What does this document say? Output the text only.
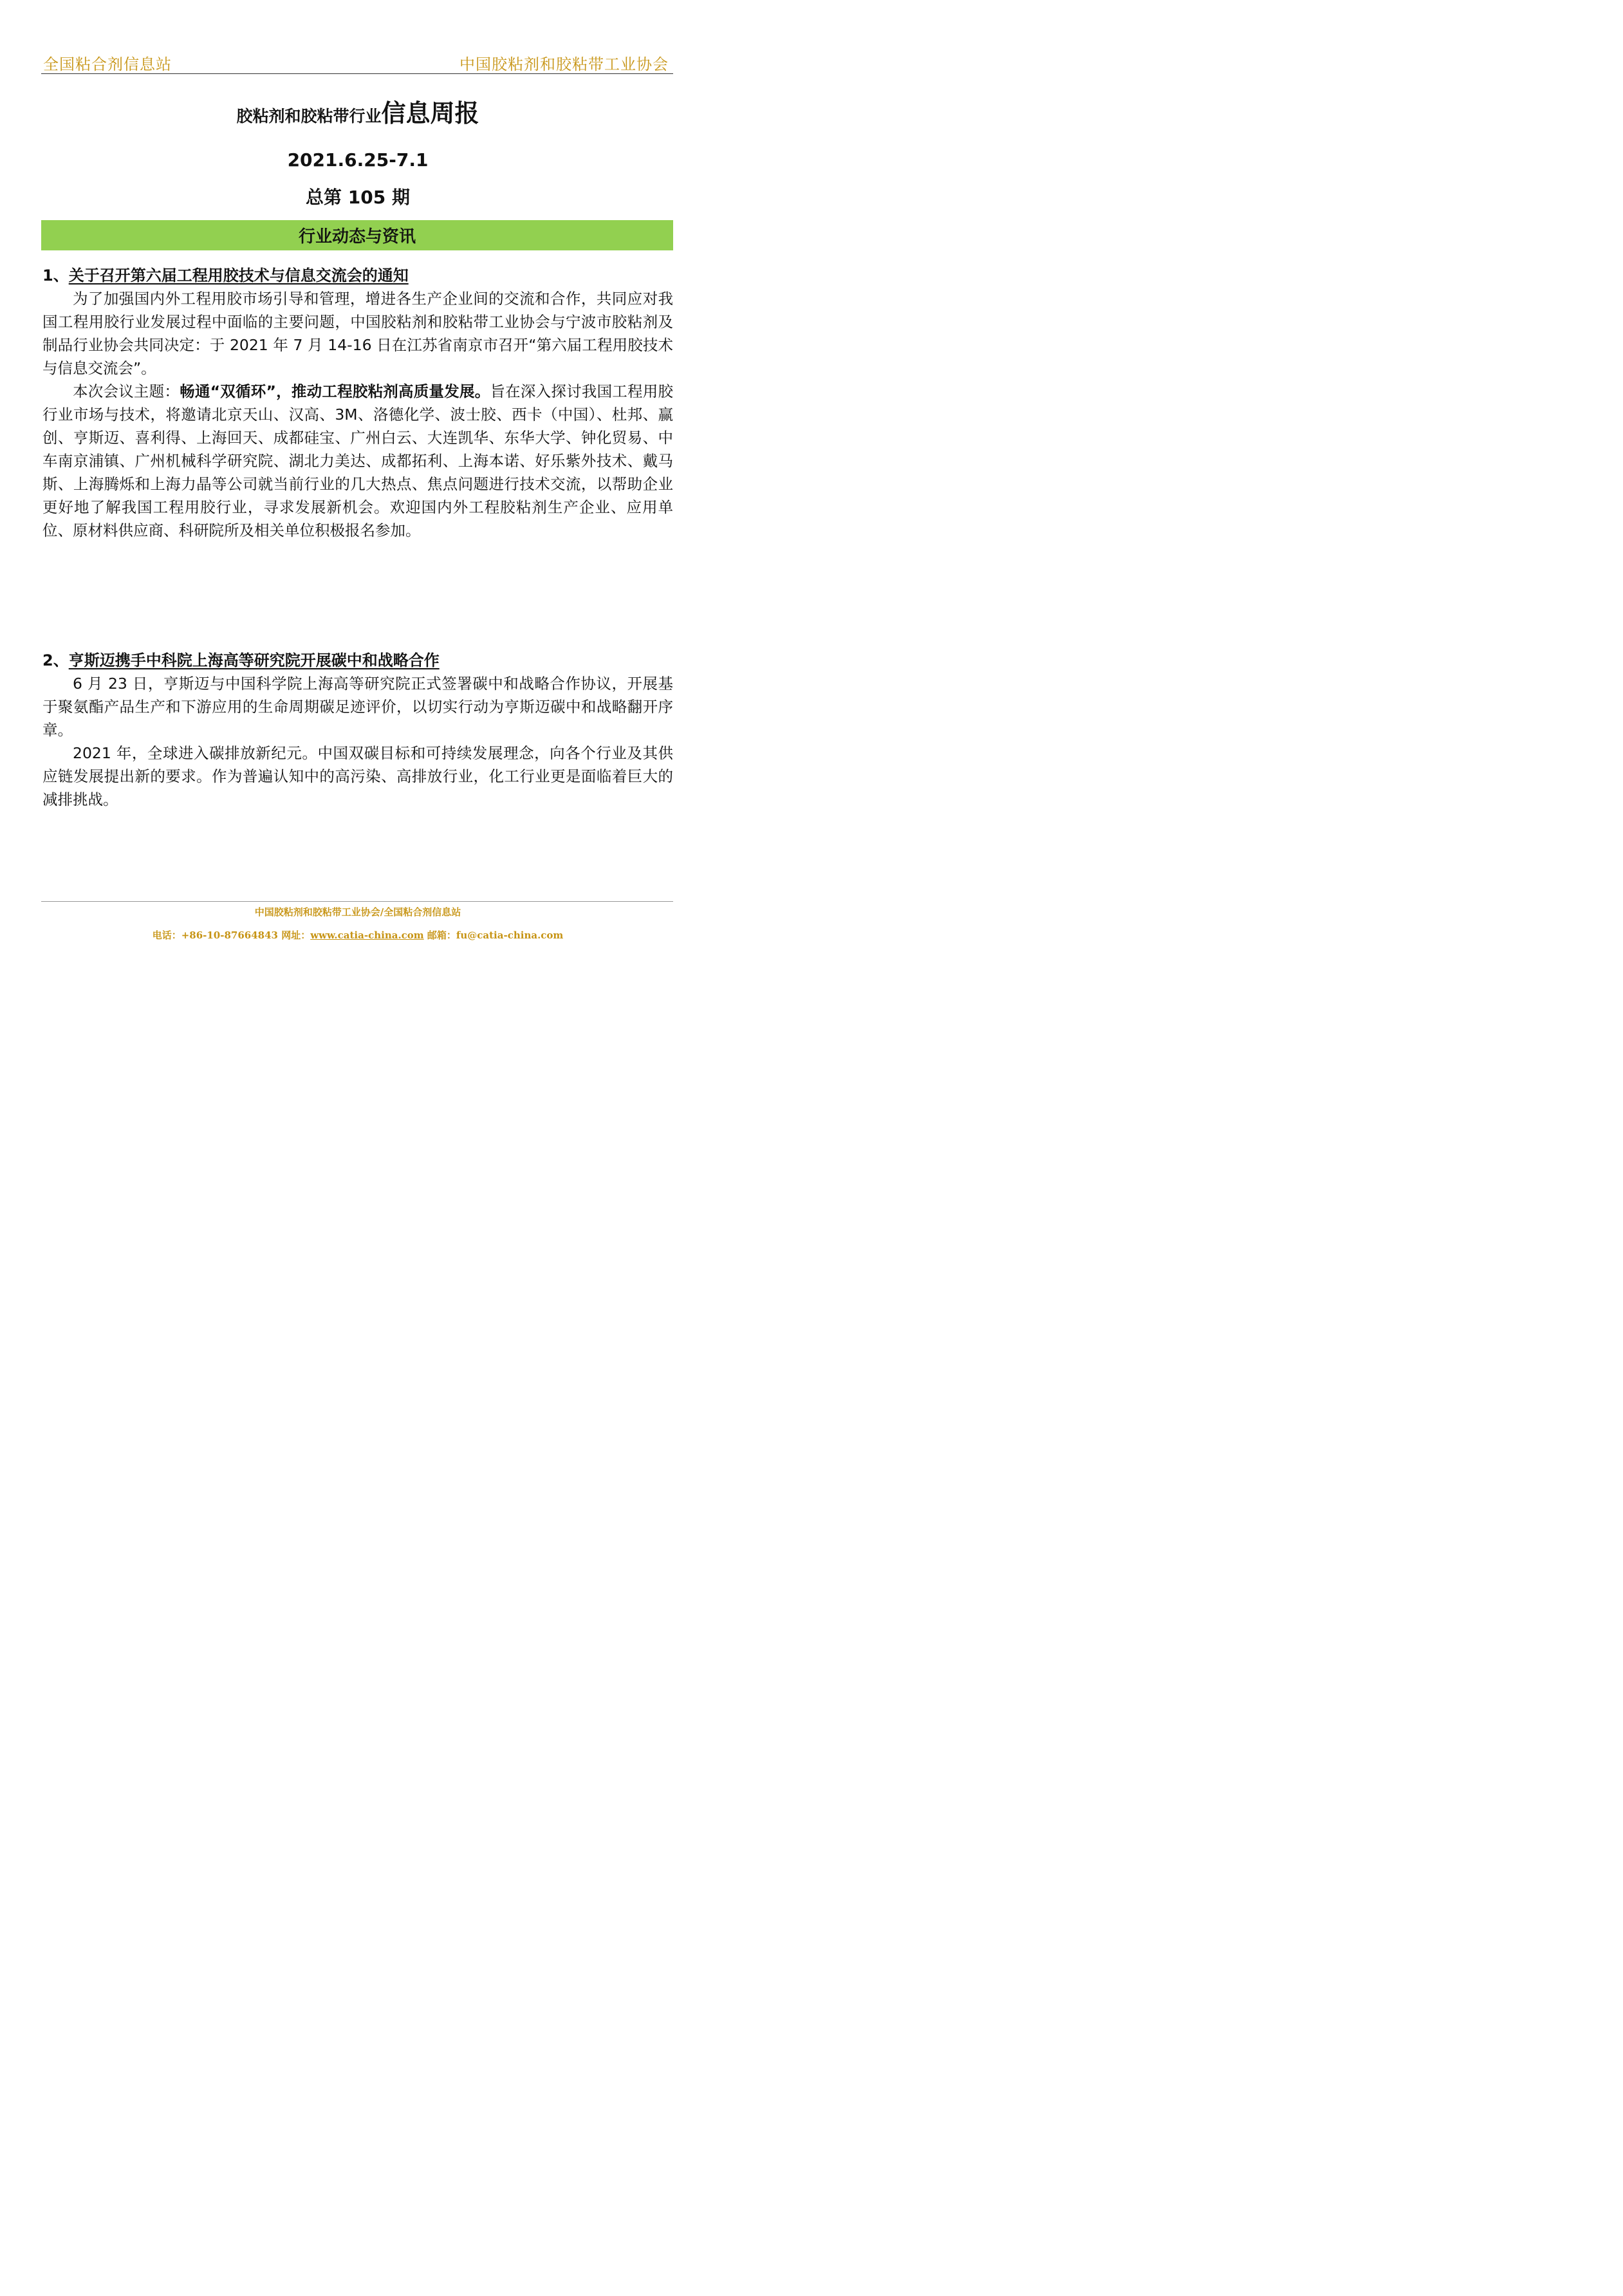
全国粘合剂信息站	中国胶粘剂和胶粘带工业协会
胶粘剂和胶粘带行业信息周报
2021.6.25-7.1
总第 105 期
行业动态与资讯
1、关于召开第六届工程用胶技术与信息交流会的通知

为了加强国内外工程用胶市场引导和管理，增进各生产企业间的交流和合作，共同应对我国工程用胶行业发展过程中面临的主要问题，中国胶粘剂和胶粘带工业协会与宁波市胶粘剂及制品行业协会共同决定：于 2021 年 7 月 14-16 日在江苏省南京市召开“第六届工程用胶技术与信息交流会”。

本次会议主题：畅通“双循环”，推动工程胶粘剂高质量发展。旨在深入探讨我国工程用胶行业市场与技术，将邀请北京天山、汉高、3M、洛德化学、波士胶、西卡（中国）、杜邦、赢创、亨斯迈、喜利得、上海回天、成都硅宝、广州白云、大连凯华、东华大学、钟化贸易、中车南京浦镇、广州机械科学研究院、湖北力美达、成都拓利、上海本诺、好乐紫外技术、戴马斯、上海腾烁和上海力晶等公司就当前行业的几大热点、焦点问题进行技术交流，以帮助企业更好地了解我国工程用胶行业，寻求发展新机会。欢迎国内外工程胶粘剂生产企业、应用单位、原材料供应商、科研院所及相关单位积极报名参加。

2、亨斯迈携手中科院上海高等研究院开展碳中和战略合作

6 月 23 日，亨斯迈与中国科学院上海高等研究院正式签署碳中和战略合作协议，开展基于聚氨酯产品生产和下游应用的生命周期碳足迹评价，以切实行动为亨斯迈碳中和战略翻开序章。

2021 年，全球进入碳排放新纪元。中国双碳目标和可持续发展理念，向各个行业及其供应链发展提出新的要求。作为普遍认知中的高污染、高排放行业，化工行业更是面临着巨大的减排挑战。

中国胶粘剂和胶粘带工业协会/全国粘合剂信息站
电话：+86-10-87664843 网址：www.catia-china.com 邮箱：fu@catia-china.com
